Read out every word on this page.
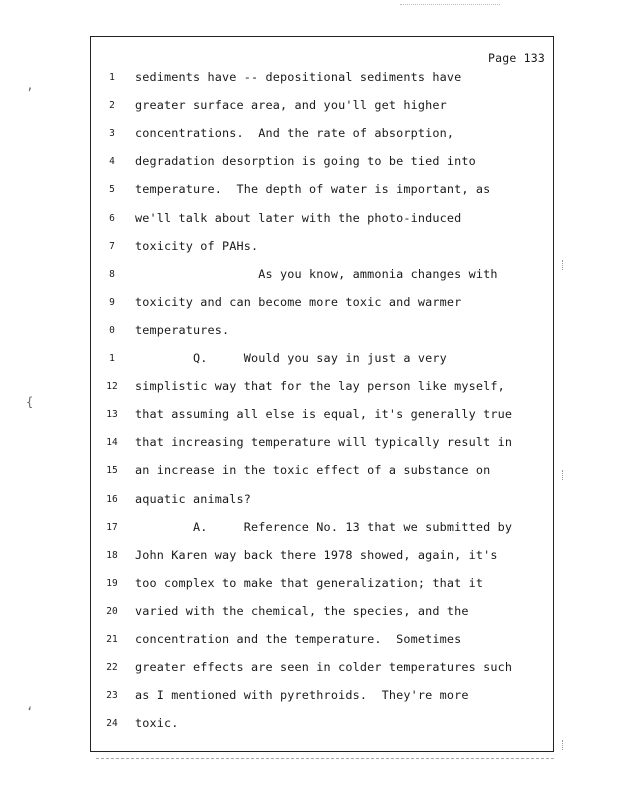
’
{
‘
Page 133
1	sediments have -- depositional sediments have
2	greater surface area, and you'll get higher
3	concentrations.  And the rate of absorption,
4	degradation desorption is going to be tied into
5	temperature.  The depth of water is important, as
6	we'll talk about later with the photo-induced
7	toxicity of PAHs.
8	As you know, ammonia changes with
9	toxicity and can become more toxic and warmer
0	temperatures.
1	Q.     Would you say in just a very
12	simplistic way that for the lay person like myself,
13	that assuming all else is equal, it's generally true
14	that increasing temperature will typically result in
15	an increase in the toxic effect of a substance on
16	aquatic animals?
17	A.     Reference No. 13 that we submitted by
18	John Karen way back there 1978 showed, again, it's
19	too complex to make that generalization; that it
20	varied with the chemical, the species, and the
21	concentration and the temperature.  Sometimes
22	greater effects are seen in colder temperatures such
23	as I mentioned with pyrethroids.  They're more
24	toxic.
